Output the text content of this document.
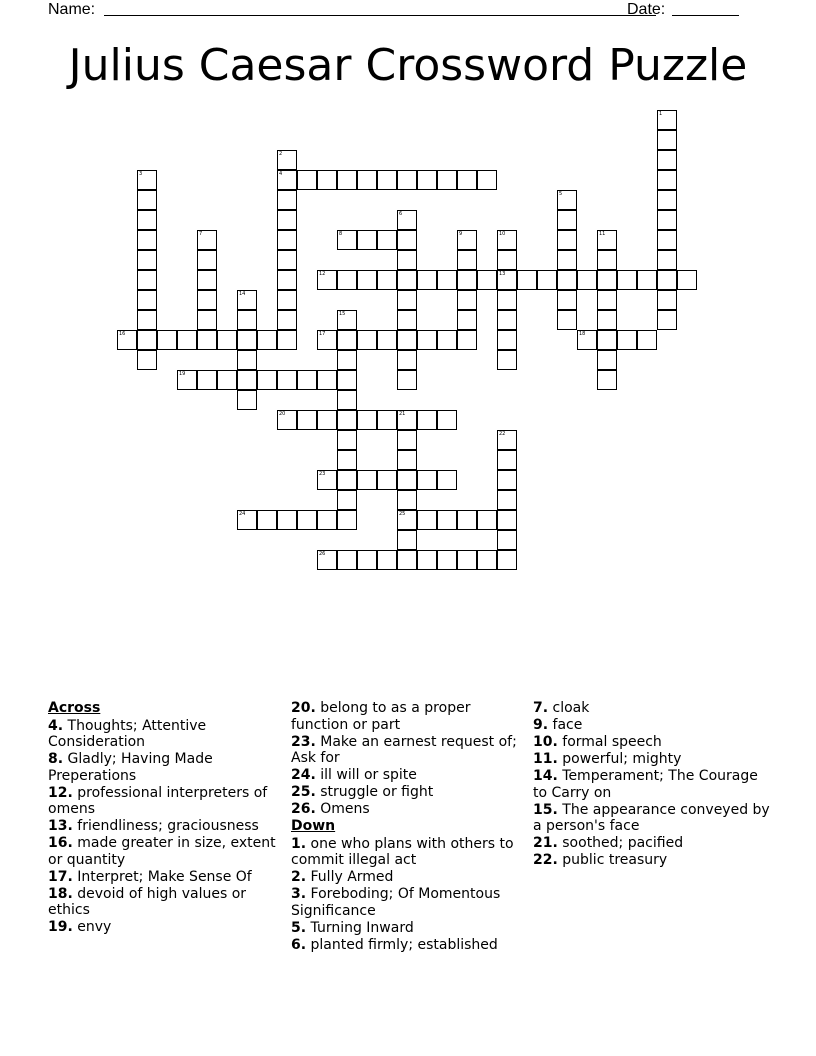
Name:	Date:
Julius Caesar Crossword Puzzle
1
2
4
3
5
6
7	8	9	10
13
11
12
14
15
16	17	18
19
20	21
25
22
23
24
26
Across
4. Thoughts; Attentive Consideration
8. Gladly; Having Made Preperations
12. professional interpreters of omens
13. friendliness; graciousness
16. made greater in size, extent or quantity
17. Interpret; Make Sense Of
18. devoid of high values or ethics
19. envy
20. belong to as a proper function or part
23. Make an earnest request of; Ask for
24. ill will or spite
25. struggle or fight
26. Omens
Down
1. one who plans with others to commit illegal act
2. Fully Armed
3. Foreboding; Of Momentous Significance
5. Turning Inward
6. planted firmly; established
7. cloak
9. face
10. formal speech
11. powerful; mighty
14. Temperament; The Courage to Carry on
15. The appearance conveyed by a person's face
21. soothed; pacified
22. public treasury
